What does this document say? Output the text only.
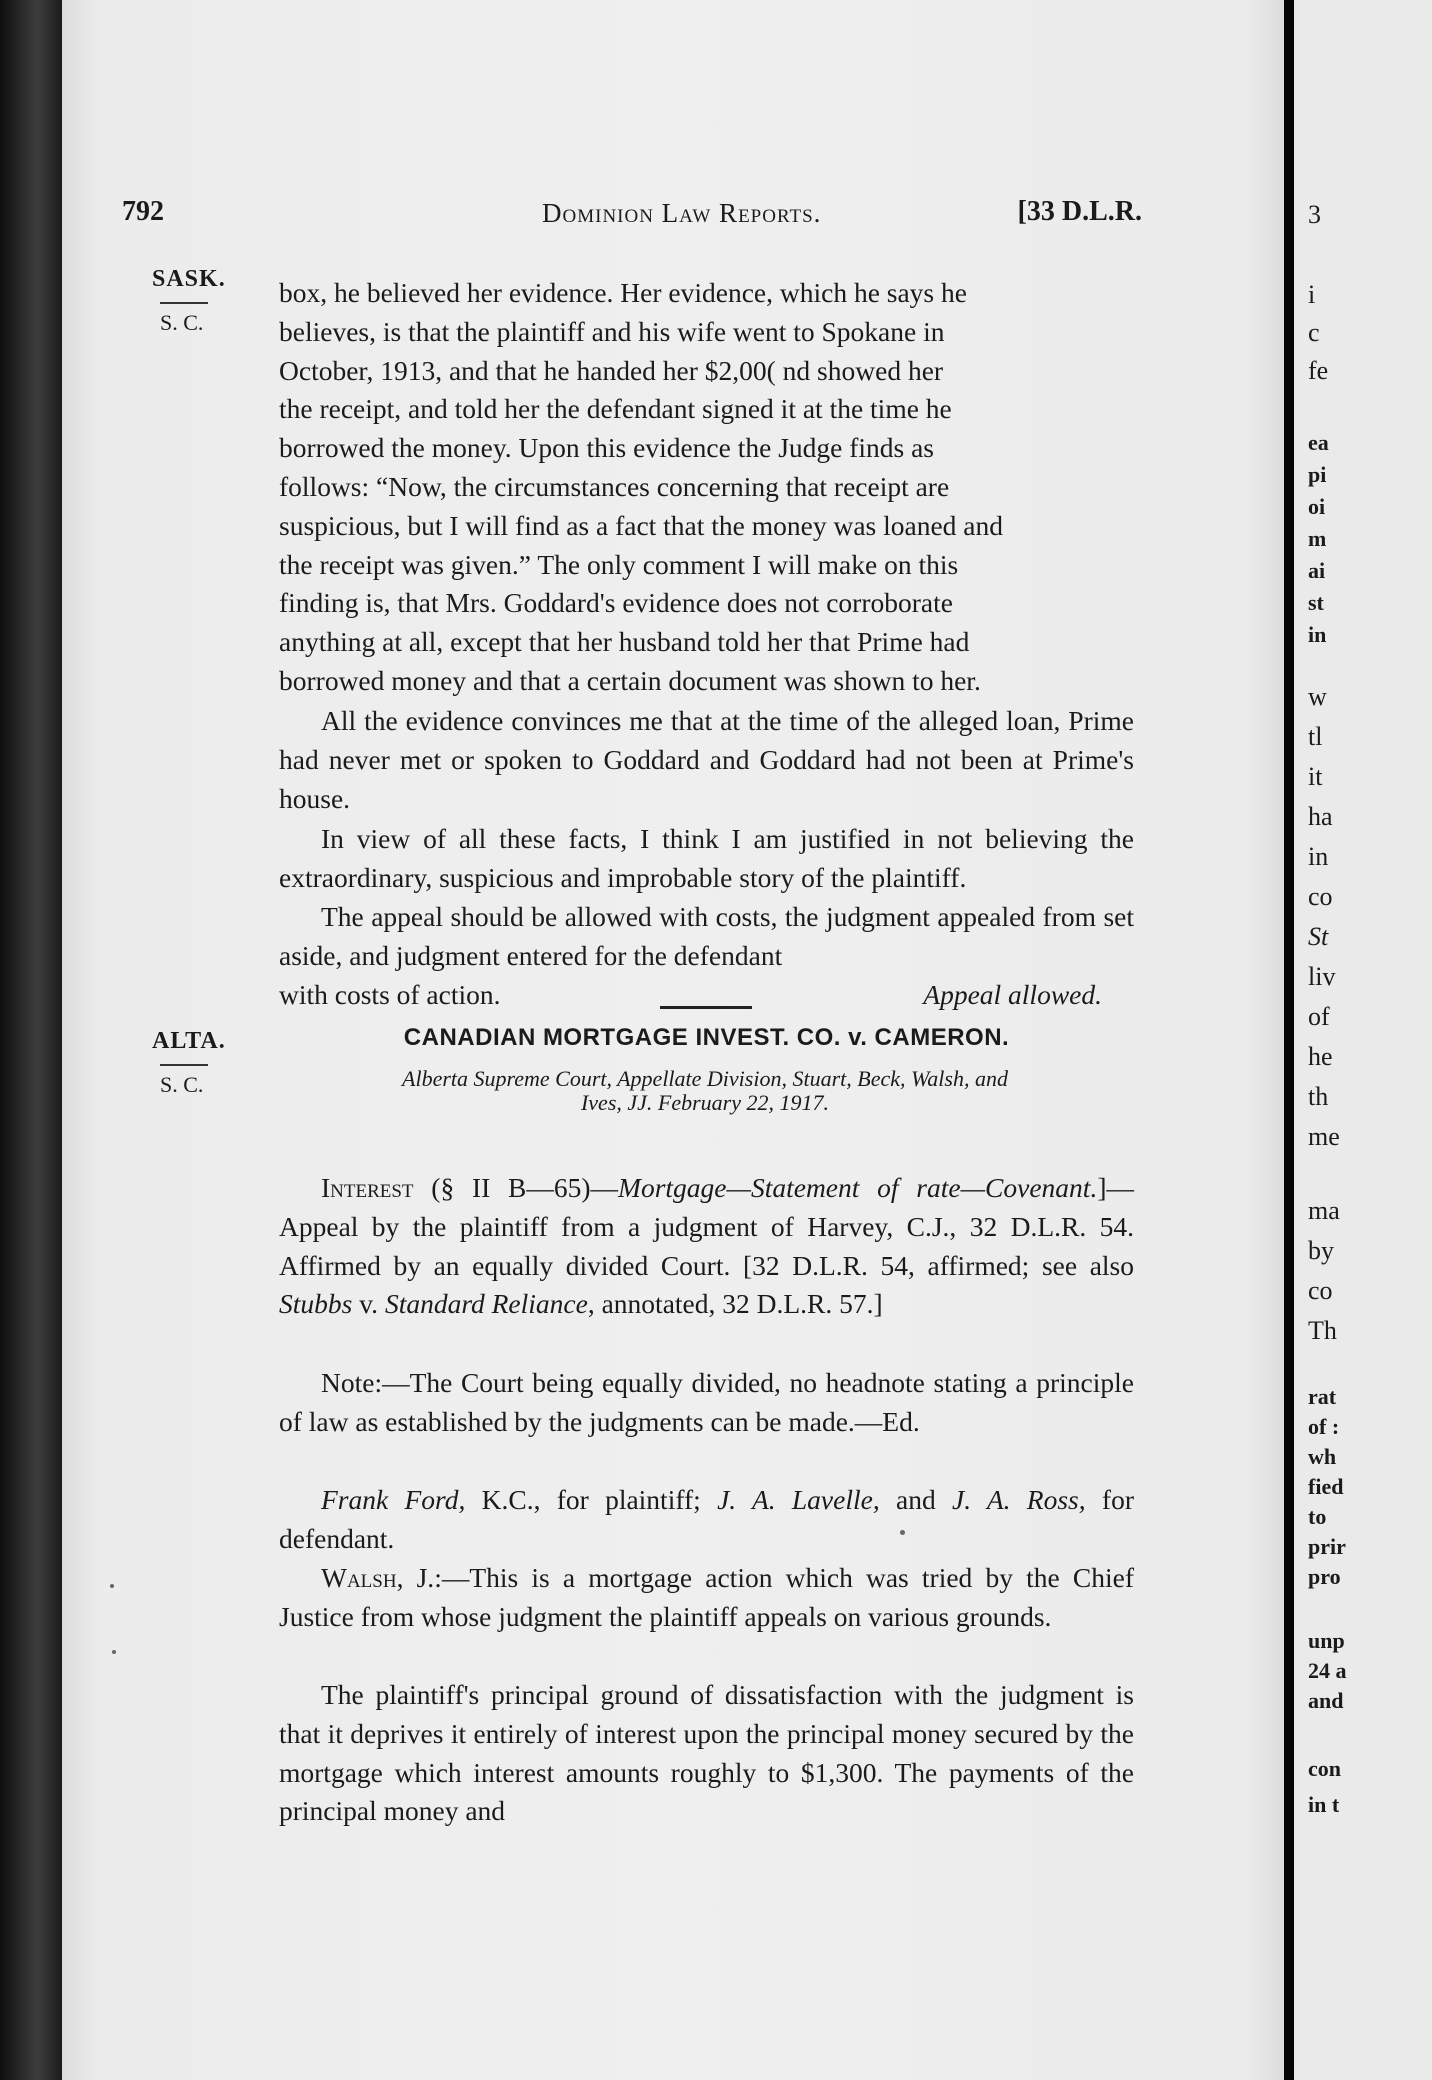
792	Dominion Law Reports.	[33 D.L.R.
SASK.
S. C.
box, he believed her evidence. Her evidence, which he says he
believes, is that the plaintiff and his wife went to Spokane in
October, 1913, and that he handed her $2,00( nd showed her
the receipt, and told her the defendant signed it at the time he
borrowed the money. Upon this evidence the Judge finds as
follows: “Now, the circumstances concerning that receipt are
suspicious, but I will find as a fact that the money was loaned and
the receipt was given.” The only comment I will make on this
finding is, that Mrs. Goddard's evidence does not corroborate
anything at all, except that her husband told her that Prime had
borrowed money and that a certain document was shown to her.
All the evidence convinces me that at the time of the alleged loan, Prime had never met or spoken to Goddard and Goddard had not been at Prime's house.
In view of all these facts, I think I am justified in not believing the extraordinary, suspicious and improbable story of the plaintiff.
The appeal should be allowed with costs, the judgment appealed from set aside, and judgment entered for the defendant
with costs of action.	Appeal allowed.
ALTA.
S. C.
CANADIAN MORTGAGE INVEST. CO. v. CAMERON.
Alberta Supreme Court, Appellate Division, Stuart, Beck, Walsh, and
Ives, JJ. February 22, 1917.
Interest (§ II B—65)—Mortgage—Statement of rate—Covenant.]—Appeal by the plaintiff from a judgment of Harvey, C.J., 32 D.L.R. 54. Affirmed by an equally divided Court. [32 D.L.R. 54, affirmed; see also Stubbs v. Standard Reliance, annotated, 32 D.L.R. 57.]
Note:—The Court being equally divided, no headnote stating a principle of law as established by the judgments can be made.—Ed.
Frank Ford, K.C., for plaintiff; J. A. Lavelle, and J. A. Ross, for defendant.
Walsh, J.:—This is a mortgage action which was tried by the Chief Justice from whose judgment the plaintiff appeals on various grounds.
The plaintiff's principal ground of dissatisfaction with the judgment is that it deprives it entirely of interest upon the principal money secured by the mortgage which interest amounts roughly to $1,300. The payments of the principal money and
3
i
c
fe
ea
pi
oi
m
ai
st
in
w
tl
it
ha
in
co
St
liv
of
he
th
me
ma
by
co
Th
rat
of :
wh
fied
to
prir
pro
unp
24 a
and
con
in t
